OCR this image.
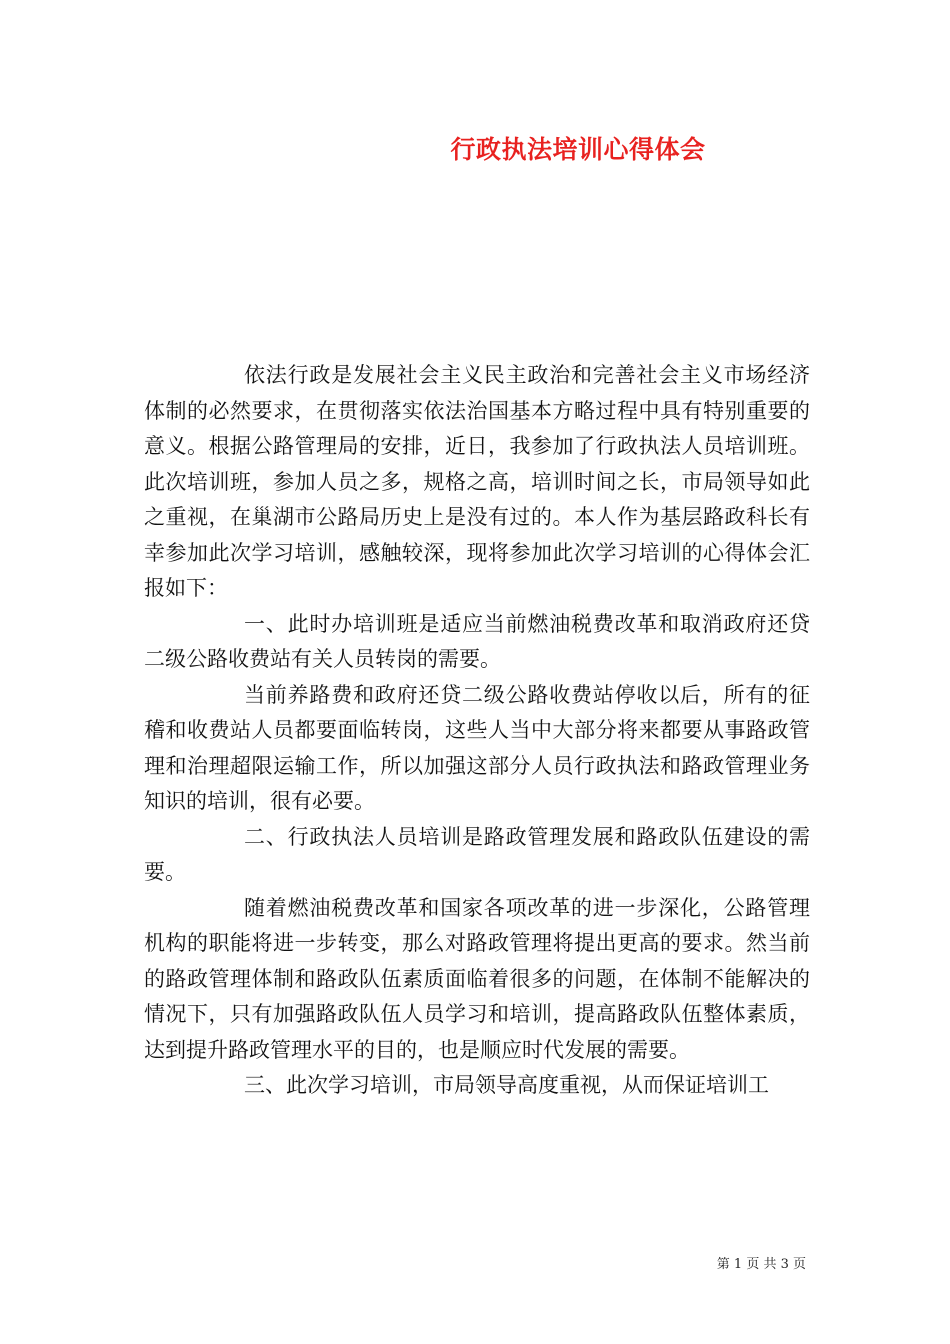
行政执法培训心得体会

依法行政是发展社会主义民主政治和完善社会主义市场经济体制的必然要求，在贯彻落实依法治国基本方略过程中具有特别重要的意义。根据公路管理局的安排，近日，我参加了行政执法人员培训班。此次培训班，参加人员之多，规格之高，培训时间之长，市局领导如此之重视，在巢湖市公路局历史上是没有过的。本人作为基层路政科长有幸参加此次学习培训，感触较深，现将参加此次学习培训的心得体会汇报如下：

一、此时办培训班是适应当前燃油税费改革和取消政府还贷二级公路收费站有关人员转岗的需要。

当前养路费和政府还贷二级公路收费站停收以后，所有的征稽和收费站人员都要面临转岗，这些人当中大部分将来都要从事路政管理和治理超限运输工作，所以加强这部分人员行政执法和路政管理业务知识的培训，很有必要。

二、行政执法人员培训是路政管理发展和路政队伍建设的需要。

随着燃油税费改革和国家各项改革的进一步深化，公路管理机构的职能将进一步转变，那么对路政管理将提出更高的要求。然当前的路政管理体制和路政队伍素质面临着很多的问题，在体制不能解决的情况下，只有加强路政队伍人员学习和培训，提高路政队伍整体素质，达到提升路政管理水平的目的，也是顺应时代发展的需要。

三、此次学习培训，市局领导高度重视，从而保证培训工

第 1 页 共 3 页
